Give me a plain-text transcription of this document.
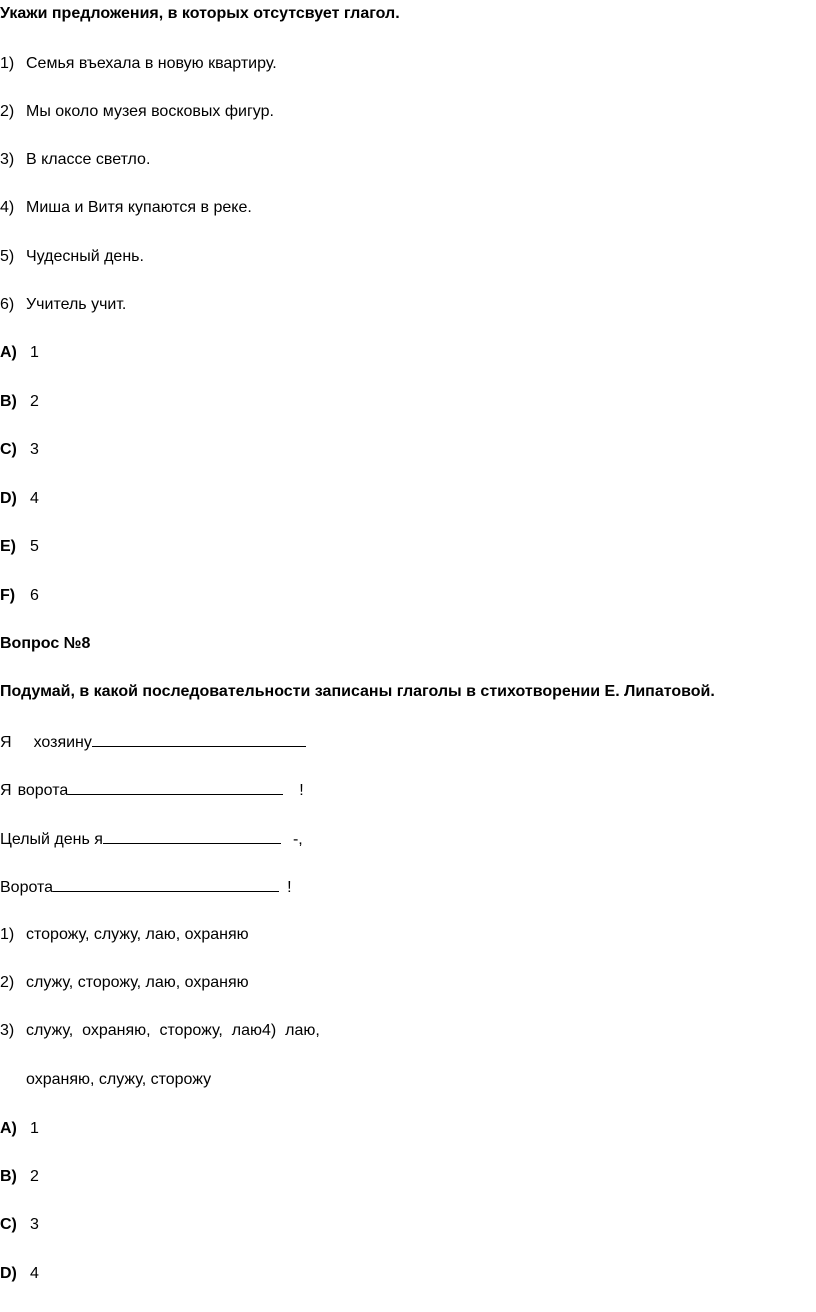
Укажи предложения, в которых отсутсвует глагол.
1) Семья въехала в новую квартиру.
2) Мы около музея восковых фигур.
3) В классе светло.
4) Миша и Витя купаются в реке.
5) Чудесный день.
6) Учитель учит.
A) 1
B) 2
C) 3
D) 4
E) 5
F) 6
Вопрос №8
Подумай, в какой последовательности записаны глаголы в стихотворении Е. Липатовой.
Я хозяину
Я ворота	!
Целый день я	-,
Ворота	!
1) сторожу, служу, лаю, охраняю
2) служу, сторожу, лаю, охраняю
3) служу,  охраняю,  сторожу,  лаю4)  лаю,
охраняю, служу, сторожу
A) 1
B) 2
C) 3
D) 4
